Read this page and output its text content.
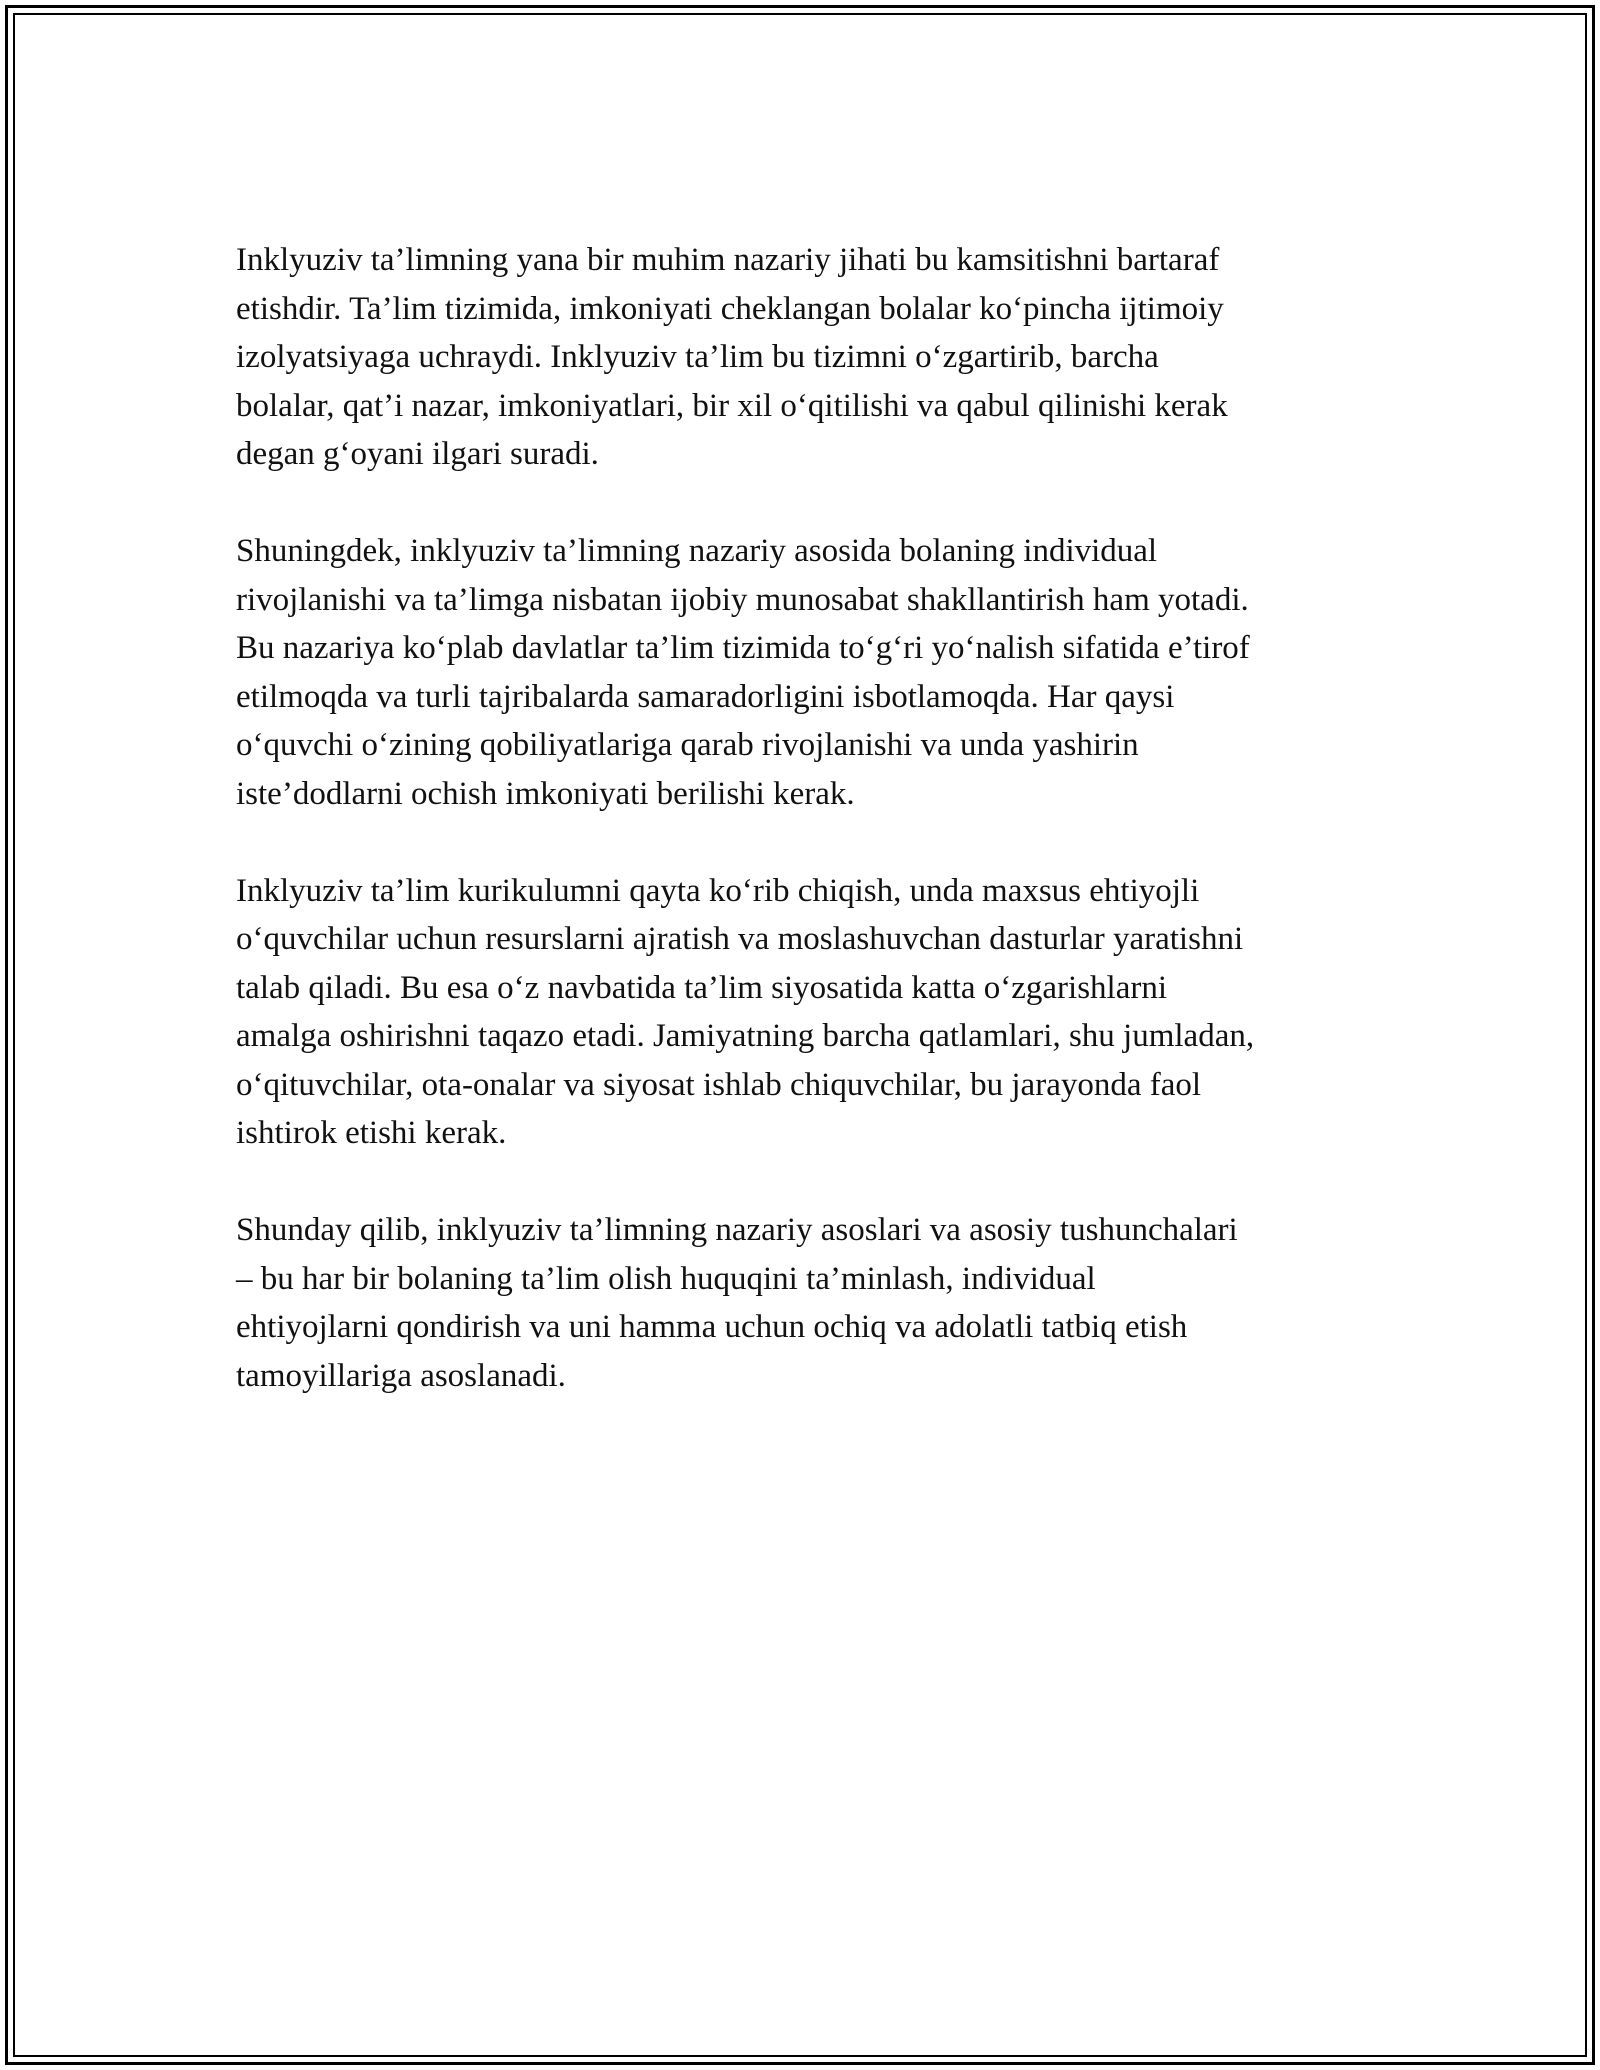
Inklyuziv ta’limning yana bir muhim nazariy jihati bu kamsitishni bartaraf
etishdir. Ta’lim tizimida, imkoniyati cheklangan bolalar ko‘pincha ijtimoiy
izolyatsiyaga uchraydi. Inklyuziv ta’lim bu tizimni o‘zgartirib, barcha
bolalar, qat’i nazar, imkoniyatlari, bir xil o‘qitilishi va qabul qilinishi kerak
degan g‘oyani ilgari suradi.

Shuningdek, inklyuziv ta’limning nazariy asosida bolaning individual
rivojlanishi va ta’limga nisbatan ijobiy munosabat shakllantirish ham yotadi.
Bu nazariya ko‘plab davlatlar ta’lim tizimida to‘g‘ri yo‘nalish sifatida e’tirof
etilmoqda va turli tajribalarda samaradorligini isbotlamoqda. Har qaysi
o‘quvchi o‘zining qobiliyatlariga qarab rivojlanishi va unda yashirin
iste’dodlarni ochish imkoniyati berilishi kerak.

Inklyuziv ta’lim kurikulumni qayta ko‘rib chiqish, unda maxsus ehtiyojli
o‘quvchilar uchun resurslarni ajratish va moslashuvchan dasturlar yaratishni
talab qiladi. Bu esa o‘z navbatida ta’lim siyosatida katta o‘zgarishlarni
amalga oshirishni taqazo etadi. Jamiyatning barcha qatlamlari, shu jumladan,
o‘qituvchilar, ota-onalar va siyosat ishlab chiquvchilar, bu jarayonda faol
ishtirok etishi kerak.

Shunday qilib, inklyuziv ta’limning nazariy asoslari va asosiy tushunchalari
– bu har bir bolaning ta’lim olish huquqini ta’minlash, individual
ehtiyojlarni qondirish va uni hamma uchun ochiq va adolatli tatbiq etish
tamoyillariga asoslanadi.
